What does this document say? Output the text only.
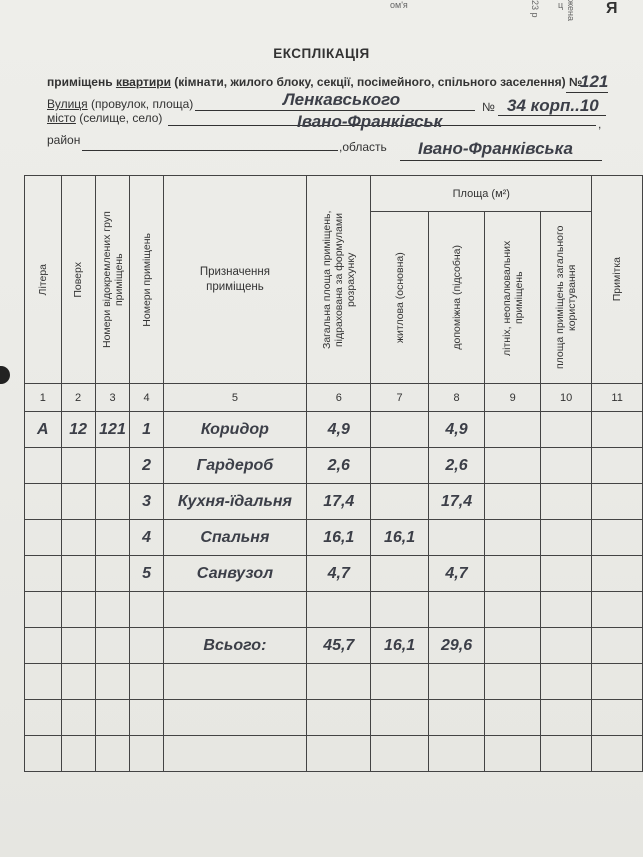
ом'я	23 р ц жена Я
ЕКСПЛІКАЦІЯ
приміщень квартири (кімнати, жилого блоку, секції, посімейного, спільного заселення) №
121
Вулиця (провулок, площа)	Ленкавського	№ 34 корп..10
місто (селище, село)	Івано-Франківськ	,
район	,область Івано-Франківська
Літера	Поверх	Номери відокремлених груп приміщень	Номери приміщень	Призначення приміщень	Загальна площа приміщень, підрахована за формулами розрахунку	Площа (м²)				Примітка

						житлова (основна)	допоміжна (підсобна)	літніх, неопалювальних приміщень	площа приміщень загального користування	

1	2	3	4	5	6	7	8	9	10	11
А	12	121	1	Коридор	4,9		4,9			
			2	Гардероб	2,6		2,6			
			3	Кухня-їдальня	17,4		17,4			
			4	Спальня	16,1	16,1				
			5	Санвузол	4,7		4,7			

				Всього:	45,7	16,1	29,6			
